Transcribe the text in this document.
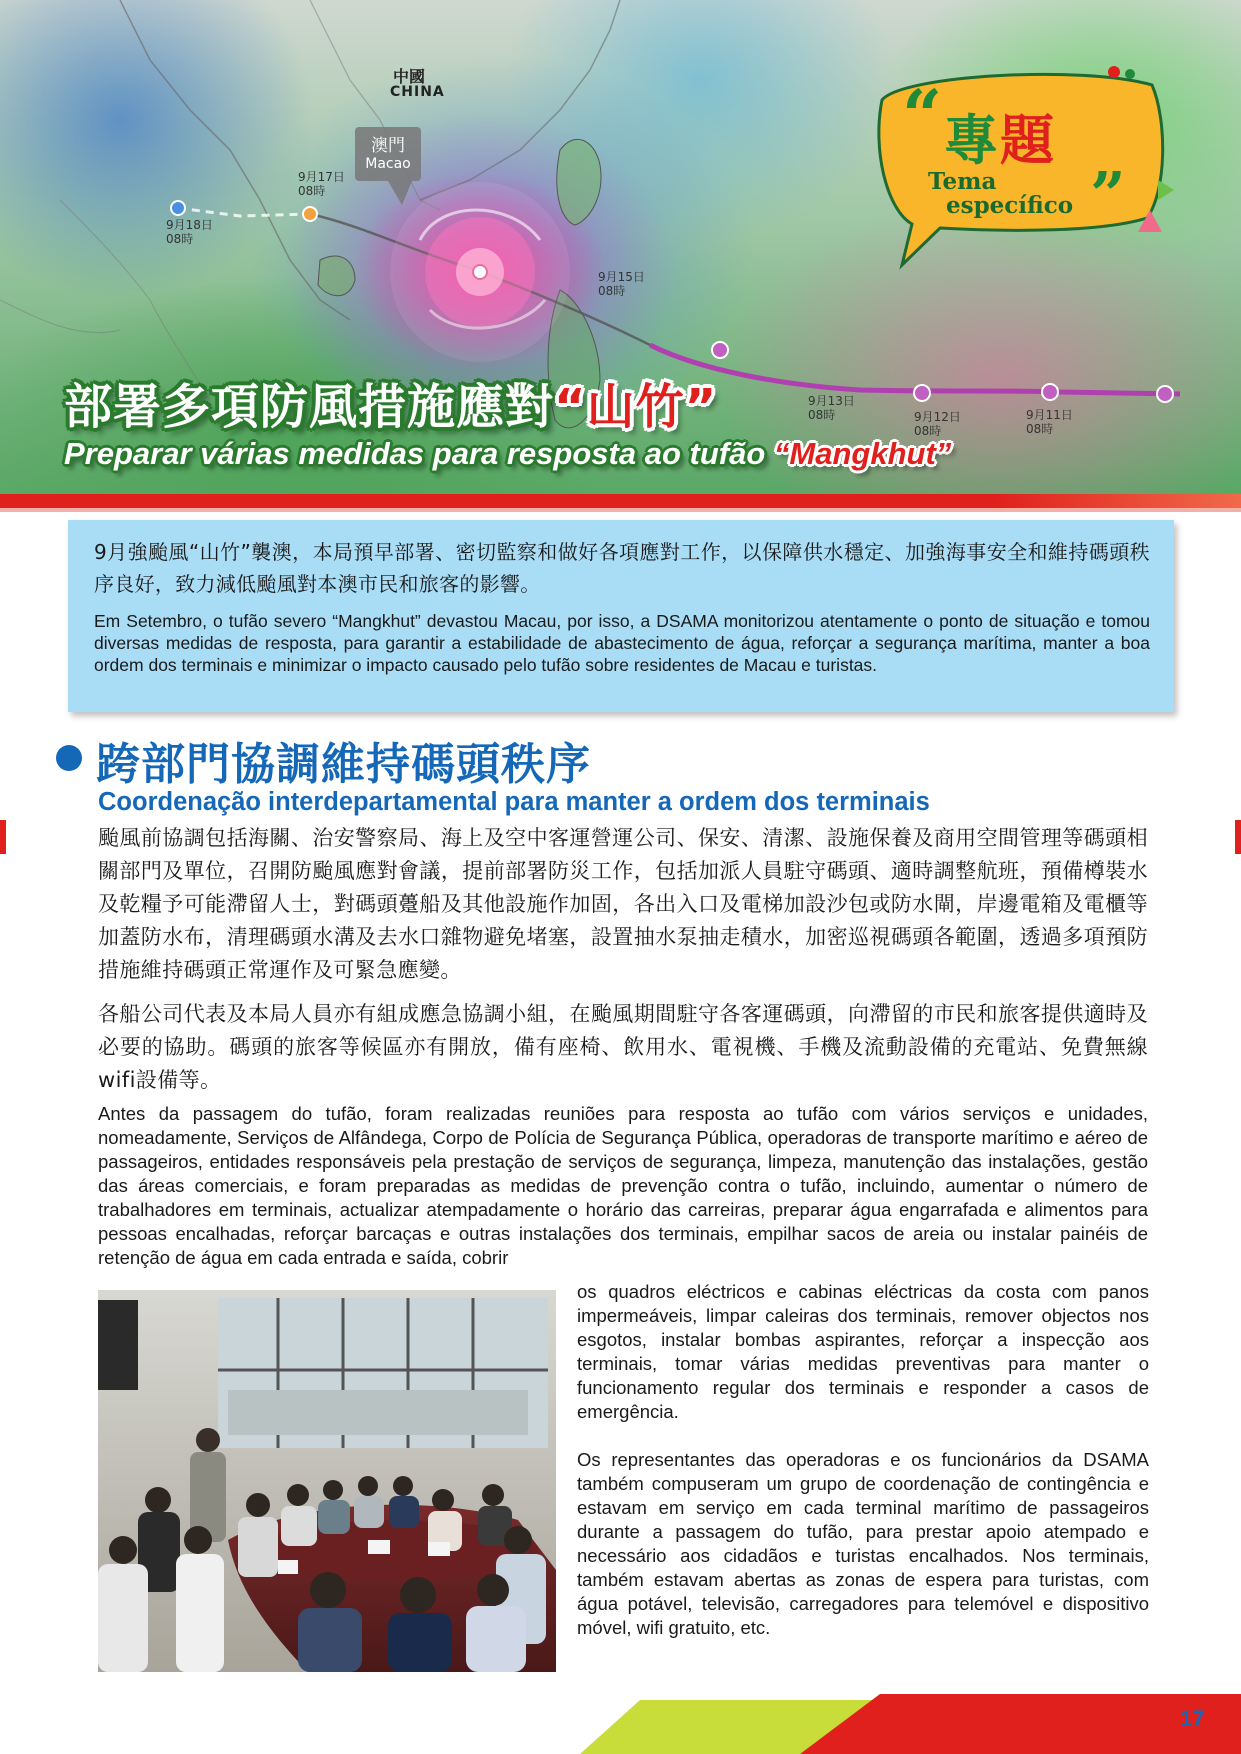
中國
CHINA
澳門
Macao
9月17日
08時
9月18日
08時
9月15日
08時
9月13日
08時	9月12日
08時
9月11日
08時
“ 專題
Tema
específico ”
部署多項防風措施應對“山竹”
Preparar várias medidas para resposta ao tufão “Mangkhut”

9月強颱風“山竹”襲澳，本局預早部署、密切監察和做好各項應對工作，以保障供水穩定、加強海事安全和維持碼頭秩序良好，致力減低颱風對本澳市民和旅客的影響。

Em Setembro, o tufão severo “Mangkhut” devastou Macau, por isso, a DSAMA monitorizou atentamente o ponto de situação e tomou diversas medidas de resposta, para garantir a estabilidade de abastecimento de água, reforçar a segurança marítima, manter a boa ordem dos terminais e minimizar o impacto causado pelo tufão sobre residentes de Macau e turistas.

跨部門協調維持碼頭秩序
Coordenação interdepartamental para manter a ordem dos terminais

颱風前協調包括海關、治安警察局、海上及空中客運營運公司、保安、清潔、設施保養及商用空間管理等碼頭相關部門及單位，召開防颱風應對會議，提前部署防災工作，包括加派人員駐守碼頭、適時調整航班，預備樽裝水及乾糧予可能滯留人士，對碼頭躉船及其他設施作加固，各出入口及電梯加設沙包或防水閘，岸邊電箱及電櫃等加蓋防水布，清理碼頭水溝及去水口雜物避免堵塞，設置抽水泵抽走積水，加密巡視碼頭各範圍，透過多項預防措施維持碼頭正常運作及可緊急應變。

各船公司代表及本局人員亦有組成應急協調小組，在颱風期間駐守各客運碼頭，向滯留的市民和旅客提供適時及必要的協助。碼頭的旅客等候區亦有開放，備有座椅、飲用水、電視機、手機及流動設備的充電站、免費無線wifi設備等。

Antes da passagem do tufão, foram realizadas reuniões para resposta ao tufão com vários serviços e unidades, nomeadamente, Serviços de Alfândega, Corpo de Polícia de Segurança Pública, operadoras de transporte marítimo e aéreo de passageiros, entidades responsáveis pela prestação de serviços de segurança, limpeza, manutenção das instalações, gestão das áreas comerciais, e foram preparadas as medidas de prevenção contra o tufão, incluindo, aumentar o número de trabalhadores em terminais, actualizar atempadamente o horário das carreiras, preparar água engarrafada e alimentos para pessoas encalhadas, reforçar barcaças e outras instalações dos terminais, empilhar sacos de areia ou instalar painéis de retenção de água em cada entrada e saída, cobrir

os quadros eléctricos e cabinas eléctricas da costa com panos impermeáveis, limpar caleiras dos terminais, remover objectos nos esgotos, instalar bombas aspirantes, reforçar a inspecção aos terminais, tomar várias medidas preventivas para manter o funcionamento regular dos terminais e responder a casos de emergência.

Os representantes das operadoras e os funcionários da DSAMA também compuseram um grupo de coordenação de contingência e estavam em serviço em cada terminal marítimo de passageiros durante a passagem do tufão, para prestar apoio atempado e necessário aos cidadãos e turistas encalhados. Nos terminais, também estavam abertas as zonas de espera para turistas, com água potável, televisão, carregadores para telemóvel e dispositivo móvel, wifi gratuito, etc.

17
